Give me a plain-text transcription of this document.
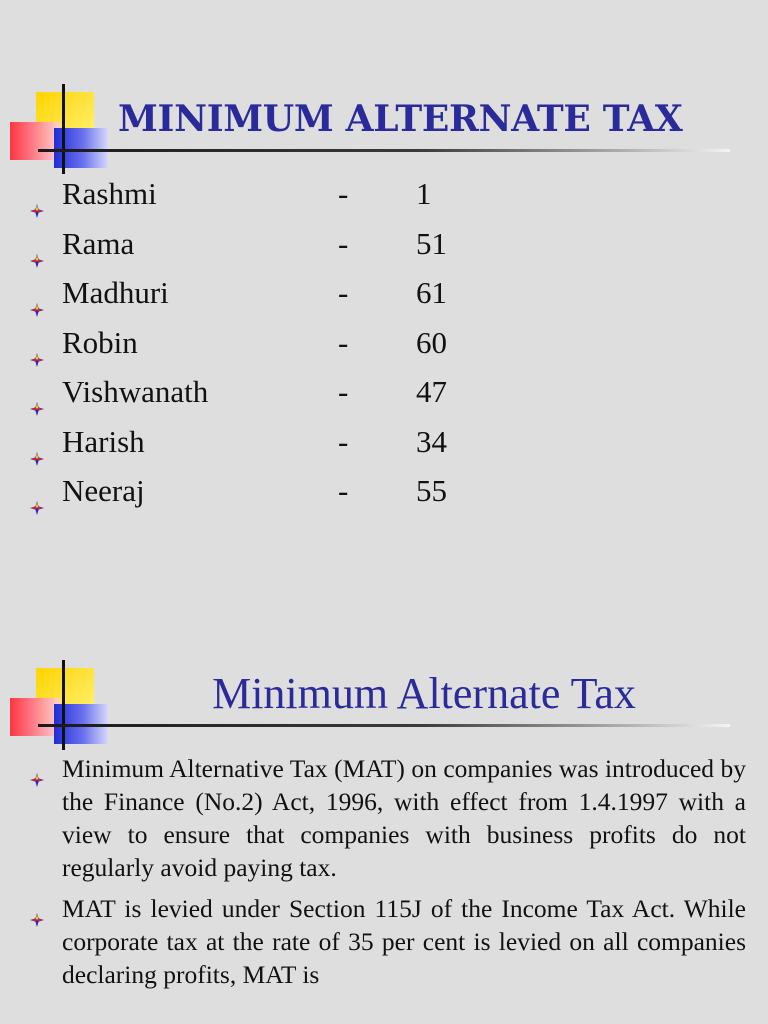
MINIMUM ALTERNATE TAX
Rashmi	- 1
Rama	- 51
Madhuri	- 61
Robin	- 60
Vishwanath	- 47
Harish	- 34
Neeraj	- 55
Minimum Alternate Tax
Minimum Alternative Tax (MAT) on companies was introduced by the Finance (No.2) Act, 1996, with effect from 1.4.1997 with a view to ensure that companies with business profits do not regularly avoid paying tax.
MAT is levied under Section 115J of the Income Tax Act. While corporate tax at the rate of 35 per cent is levied on all companies declaring profits, MAT is
